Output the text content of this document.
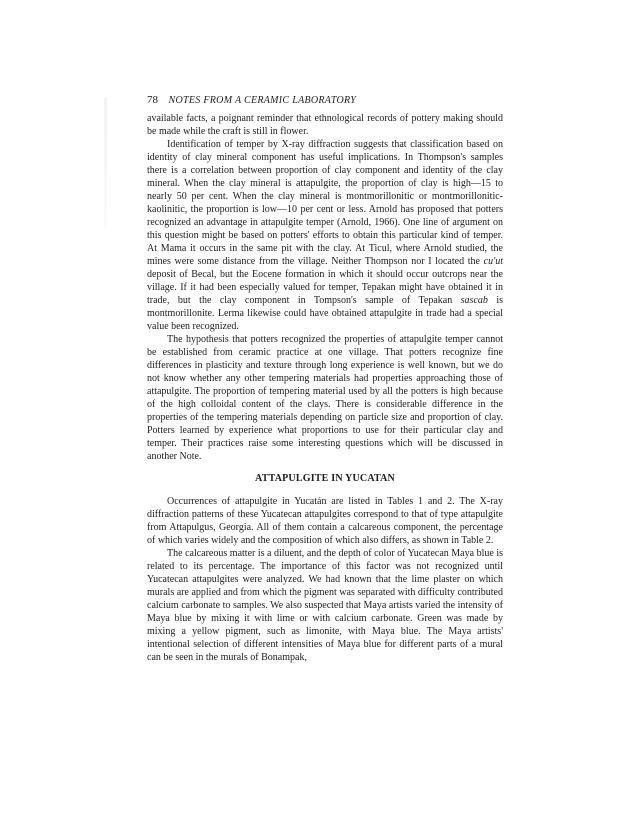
78 NOTES FROM A CERAMIC LABORATORY

available facts, a poignant reminder that ethnological records of pottery making should be made while the craft is still in flower.

Identification of temper by X-ray diffraction suggests that classification based on identity of clay mineral component has useful implications. In Thompson's samples there is a correlation between proportion of clay component and identity of the clay mineral. When the clay mineral is attapulgite, the proportion of clay is high—15 to nearly 50 per cent. When the clay mineral is montmorillonitic or montmorillonitic-kaolinitic, the proportion is low—10 per cent or less. Arnold has proposed that potters recognized an advantage in attapulgite temper (Arnold, 1966). One line of argument on this question might be based on potters' efforts to obtain this particular kind of temper. At Mama it occurs in the same pit with the clay. At Ticul, where Arnold studied, the mines were some distance from the village. Neither Thompson nor I located the cu'ut deposit of Becal, but the Eocene formation in which it should occur outcrops near the village. If it had been especially valued for temper, Tepakan might have obtained it in trade, but the clay component in Tompson's sample of Tepakan sascab is montmorillonite. Lerma likewise could have obtained attapulgite in trade had a special value been recognized.

The hypothesis that potters recognized the properties of attapulgite temper cannot be established from ceramic practice at one village. That potters recognize fine differences in plasticity and texture through long experience is well known, but we do not know whether any other tempering materials had properties approaching those of attapulgite. The proportion of tempering material used by all the potters is high because of the high colloidal content of the clays. There is considerable difference in the properties of the tempering materials depending on particle size and proportion of clay. Potters learned by experience what proportions to use for their particular clay and temper. Their practices raise some interesting questions which will be discussed in another Note.

ATTAPULGITE IN YUCATAN

Occurrences of attapulgite in Yucatán are listed in Tables 1 and 2. The X-ray diffraction patterns of these Yucatecan attapulgites correspond to that of type attapulgite from Attapulgus, Georgia. All of them contain a calcareous component, the percentage of which varies widely and the composition of which also differs, as shown in Table 2.

The calcareous matter is a diluent, and the depth of color of Yucatecan Maya blue is related to its percentage. The importance of this factor was not recognized until Yucatecan attapulgites were analyzed. We had known that the lime plaster on which murals are applied and from which the pigment was separated with difficulty contributed calcium carbonate to samples. We also suspected that Maya artists varied the intensity of Maya blue by mixing it with lime or with calcium carbonate. Green was made by mixing a yellow pigment, such as limonite, with Maya blue. The Maya artists' intentional selection of different intensities of Maya blue for different parts of a mural can be seen in the murals of Bonampak,
